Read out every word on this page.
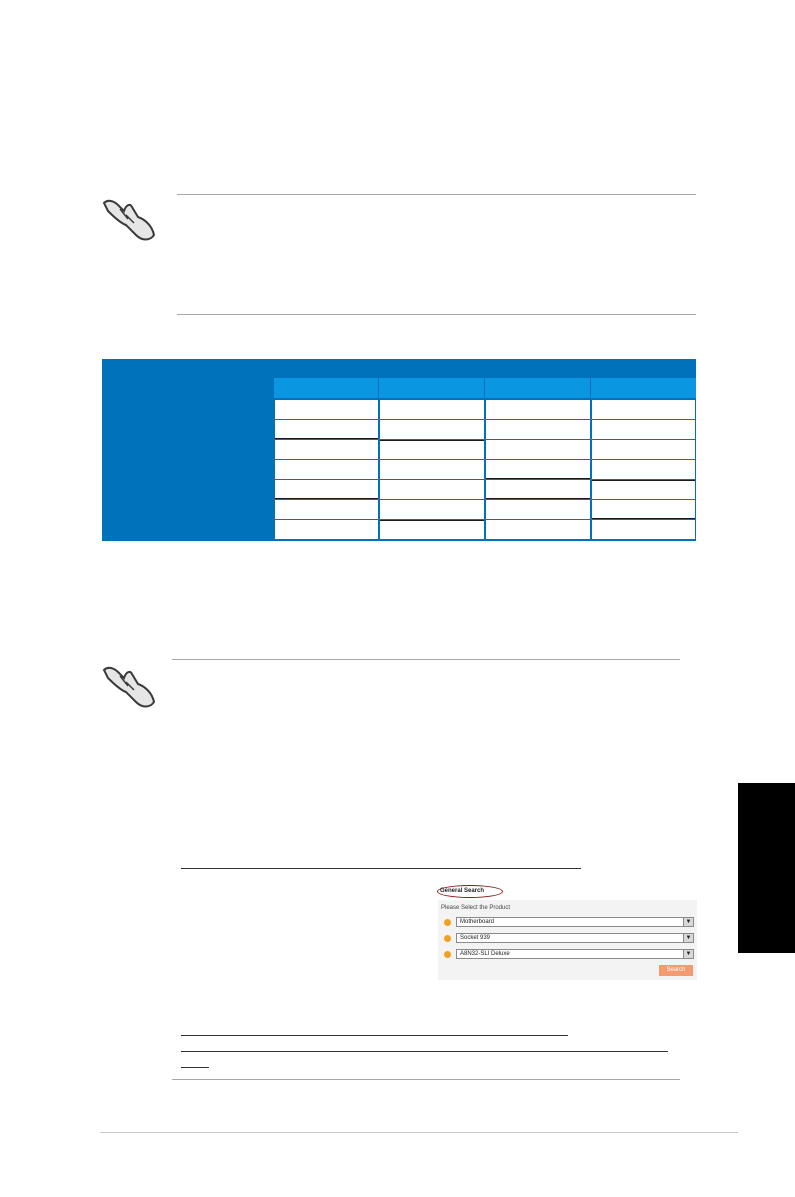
General Search
Please Select the Product
Motherboard	▼
Socket 939	▼
A8N32-SLI Deluxe	▼
Search
